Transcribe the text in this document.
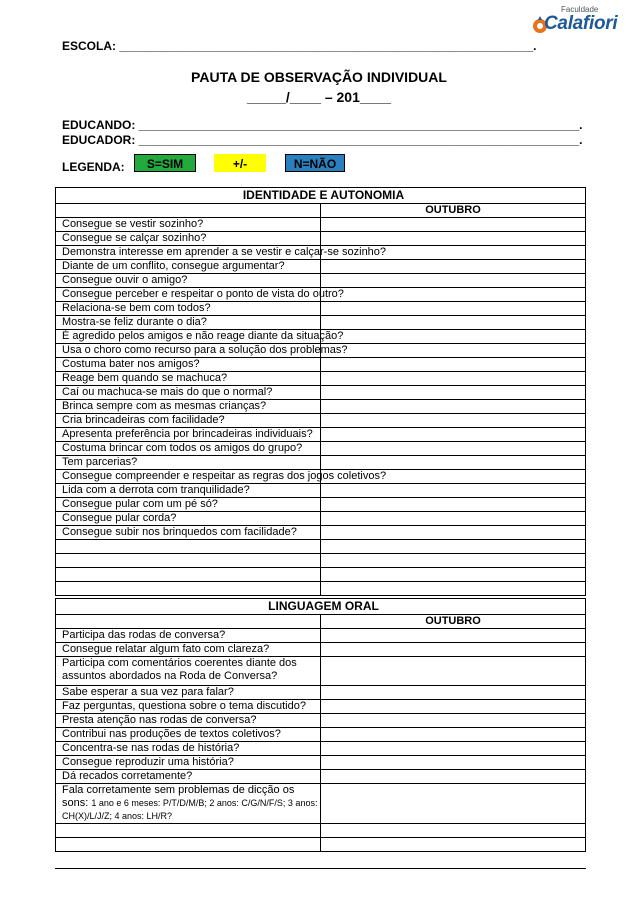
Faculdade
Calafiori
ESCOLA: ______________________________________________________________.
PAUTA DE OBSERVAÇÃO INDIVIDUAL
_____/____ – 201____
EDUCANDO: __________________________________________________________________.
EDUCADOR: __________________________________________________________________.
LEGENDA:	S=SIM	+/-	N=NÃO
IDENTIDADE E AUTONOMIA	
	OUTUBRO
Consegue se vestir sozinho?	
Consegue se calçar sozinho?	
Demonstra interesse em aprender a se vestir e calçar-se sozinho?	
Diante de um conflito, consegue argumentar?	
Consegue ouvir o amigo?	
Consegue perceber e respeitar o ponto de vista do outro?	
Relaciona-se bem com todos?	
Mostra-se feliz durante o dia?	
É agredido pelos amigos e não reage diante da situação?	
Usa o choro como recurso para a solução dos problemas?	
Costuma bater nos amigos?	
Reage bem quando se machuca?	
Caí ou machuca-se mais do que o normal?	
Brinca sempre com as mesmas crianças?	
Cria brincadeiras com facilidade?	
Apresenta preferência por brincadeiras individuais?	
Costuma brincar com todos os amigos do grupo?	
Tem parcerias?	
Consegue compreender e respeitar as regras dos jogos coletivos?	
Lida com a derrota com tranquilidade?	
Consegue pular com um pé só?	
Consegue pular corda?	
Consegue subir nos brinquedos com facilidade?	

LINGUAGEM ORAL	
	OUTUBRO
Participa das rodas de conversa?	
Consegue relatar algum fato com clareza?	
Participa com comentários coerentes diante dos assuntos abordados na Roda de Conversa?	
Sabe esperar a sua vez para falar?	
Faz perguntas, questiona sobre o tema discutido?	
Presta atenção nas rodas de conversa?	
Contribui nas produções de textos coletivos?	
Concentra-se nas rodas de história?	
Consegue reproduzir uma história?	
Dá recados corretamente?	
Fala corretamente sem problemas de dicção os sons: 1 ano e 6 meses: P/T/D/M/B; 2 anos: C/G/N/F/S; 3 anos: CH(X)/L/J/Z; 4 anos: LH/R?	
